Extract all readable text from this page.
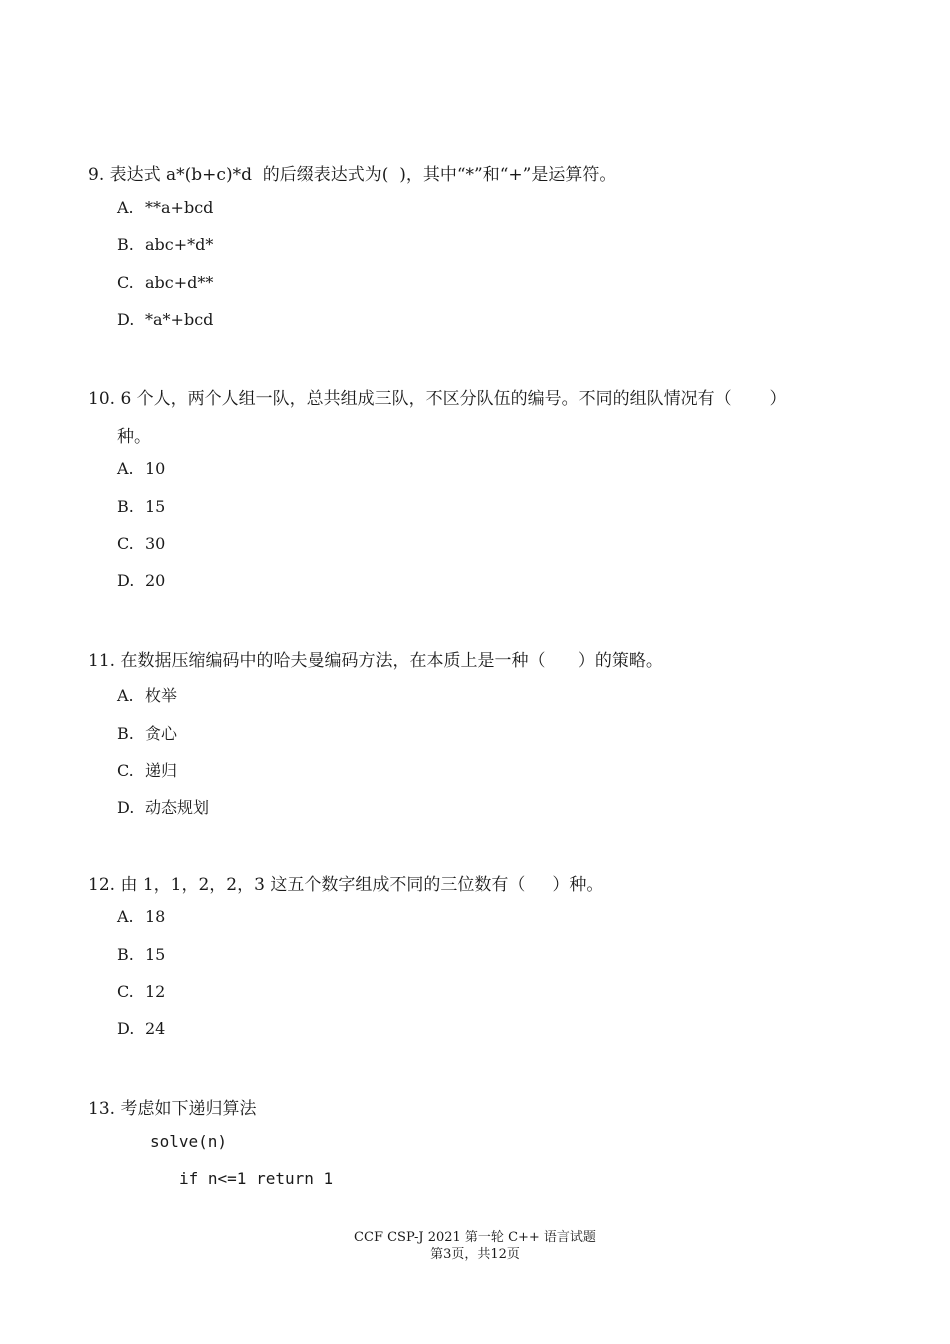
9. 表达式 a*(b+c)*d  的后缀表达式为(  )，其中“*”和“+”是运算符。
A. **a+bcd
B. abc+*d*
C. abc+d**
D. *a*+bcd
10. 6 个人，两个人组一队，总共组成三队，不区分队伍的编号。不同的组队情况有（       ）
种。
A. 10
B. 15
C. 30
D. 20
11. 在数据压缩编码中的哈夫曼编码方法，在本质上是一种（      ）的策略。
A. 枚举
B. 贪心
C. 递归
D. 动态规划
12. 由 1，1，2，2，3 这五个数字组成不同的三位数有（     ）种。
A. 18
B. 15
C. 12
D. 24
13. 考虑如下递归算法
solve(n)
if n<=1 return 1
CCF CSP-J 2021 第一轮 C++ 语言试题
第3页，共12页
